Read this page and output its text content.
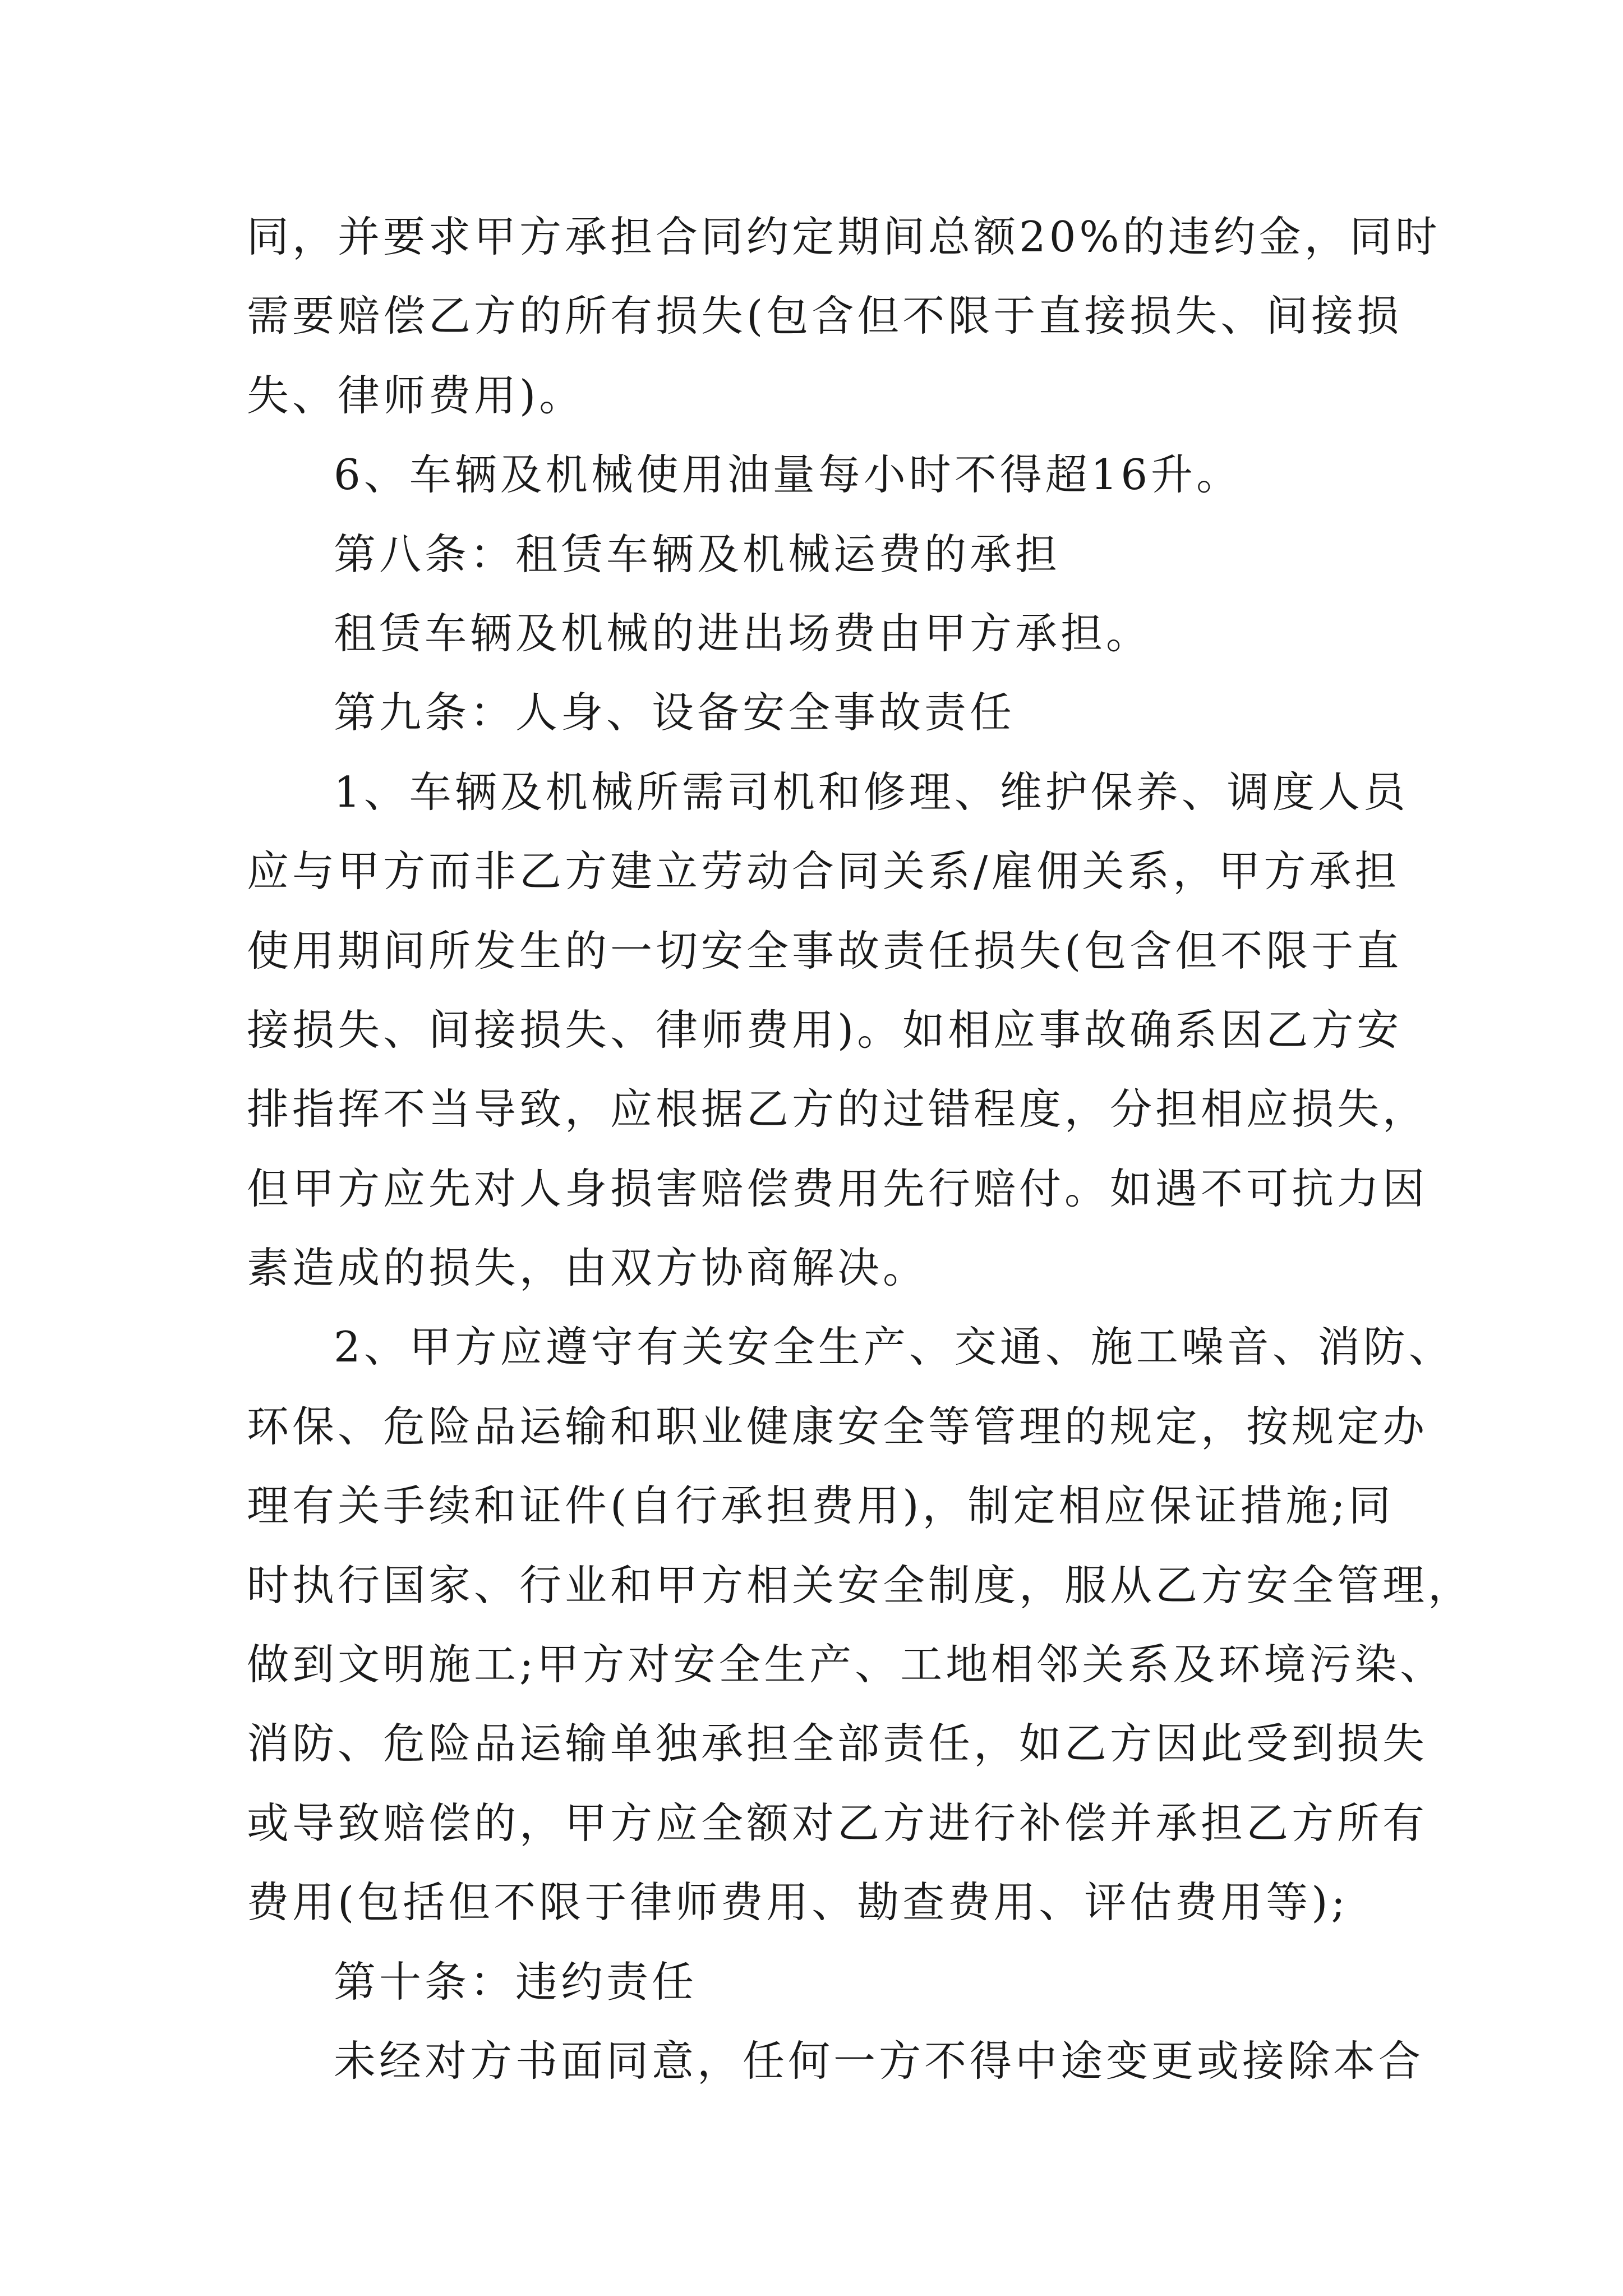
同，并要求甲方承担合同约定期间总额20%的违约金，同时
需要赔偿乙方的所有损失(包含但不限于直接损失、间接损
失、律师费用)。
6、车辆及机械使用油量每小时不得超16升。
第八条：租赁车辆及机械运费的承担
租赁车辆及机械的进出场费由甲方承担。
第九条：人身、设备安全事故责任
1、车辆及机械所需司机和修理、维护保养、调度人员
应与甲方而非乙方建立劳动合同关系/雇佣关系，甲方承担
使用期间所发生的一切安全事故责任损失(包含但不限于直
接损失、间接损失、律师费用)。如相应事故确系因乙方安
排指挥不当导致，应根据乙方的过错程度，分担相应损失，
但甲方应先对人身损害赔偿费用先行赔付。如遇不可抗力因
素造成的损失，由双方协商解决。
2、甲方应遵守有关安全生产、交通、施工噪音、消防、
环保、危险品运输和职业健康安全等管理的规定，按规定办
理有关手续和证件(自行承担费用)，制定相应保证措施;同
时执行国家、行业和甲方相关安全制度，服从乙方安全管理，
做到文明施工;甲方对安全生产、工地相邻关系及环境污染、
消防、危险品运输单独承担全部责任，如乙方因此受到损失
或导致赔偿的，甲方应全额对乙方进行补偿并承担乙方所有
费用(包括但不限于律师费用、勘查费用、评估费用等);
第十条：违约责任
未经对方书面同意，任何一方不得中途变更或接除本合
